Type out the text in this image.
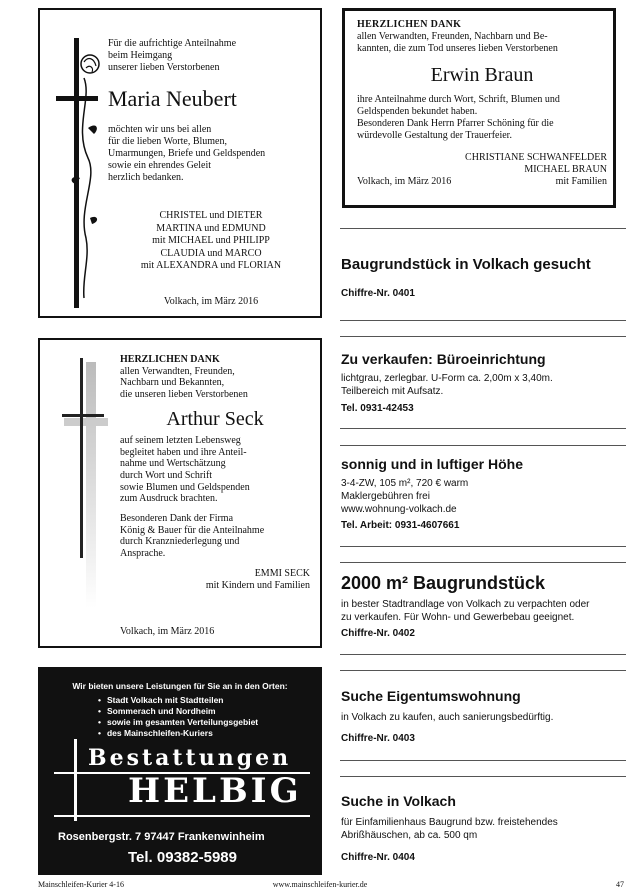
Für die aufrichtige Anteilnahme
beim Heimgang
unserer lieben Verstorbenen
Maria Neubert
möchten wir uns bei allen
für die lieben Worte, Blumen,
Umarmungen, Briefe und Geldspenden
sowie ein ehrendes Geleit
herzlich bedanken.
CHRISTEL und DIETER
MARTINA und EDMUND
mit MICHAEL und PHILIPP
CLAUDIA und MARCO
mit ALEXANDRA und FLORIAN
Volkach, im März 2016
HERZLICHEN DANK
allen Verwandten, Freunden, Nachbarn und Be-
kannten, die zum Tod unseres lieben Verstorbenen
Erwin Braun
ihre Anteilnahme durch Wort, Schrift, Blumen und
Geldspenden bekundet haben.
Besonderen Dank Herrn Pfarrer Schöning für die
würdevolle Gestaltung der Trauerfeier.
CHRISTIANE SCHWANFELDER
MICHAEL BRAUN
Volkach, im März 2016	mit Familien
HERZLICHEN DANK
allen Verwandten, Freunden,
Nachbarn und Bekannten,
die unseren lieben Verstorbenen
Arthur Seck
auf seinem letzten Lebensweg
begleitet haben und ihre Anteil-
nahme und Wertschätzung
durch Wort und Schrift
sowie Blumen und Geldspenden
zum Ausdruck brachten.
Besonderen Dank der Firma
König & Bauer für die Anteilnahme
durch Kranzniederlegung und
Ansprache.
EMMI SECK
mit Kindern und Familien
Volkach, im März 2016
Wir bieten unsere Leistungen für Sie an in den Orten:
• Stadt Volkach mit Stadtteilen
• Sommerach und Nordheim
• sowie im gesamten Verteilungsgebiet
• des Mainschleifen-Kuriers
Bestattungen
HELBIG
Rosenbergstr. 7 97447 Frankenwinheim
Tel. 09382-5989
Baugrundstück in Volkach gesucht
Chiffre-Nr. 0401
Zu verkaufen: Büroeinrichtung
lichtgrau, zerlegbar. U-Form ca. 2,00m x 3,40m.
Teilbereich mit Aufsatz.
Tel. 0931-42453
sonnig und in luftiger Höhe
3-4-ZW, 105 m², 720 € warm
Maklergebühren frei
www.wohnung-volkach.de
Tel. Arbeit: 0931-4607661
2000 m² Baugrundstück
in bester Stadtrandlage von Volkach zu verpachten oder
zu verkaufen. Für Wohn- und Gewerbebau geeignet.
Chiffre-Nr. 0402
Suche Eigentumswohnung
in Volkach zu kaufen, auch sanierungsbedürftig.
Chiffre-Nr. 0403
Suche in Volkach
für Einfamilienhaus Baugrund bzw. freistehendes
Abrißhäuschen, ab ca. 500 qm
Chiffre-Nr. 0404
Mainschleifen-Kurier 4-16	www.mainschleifen-kurier.de	47
